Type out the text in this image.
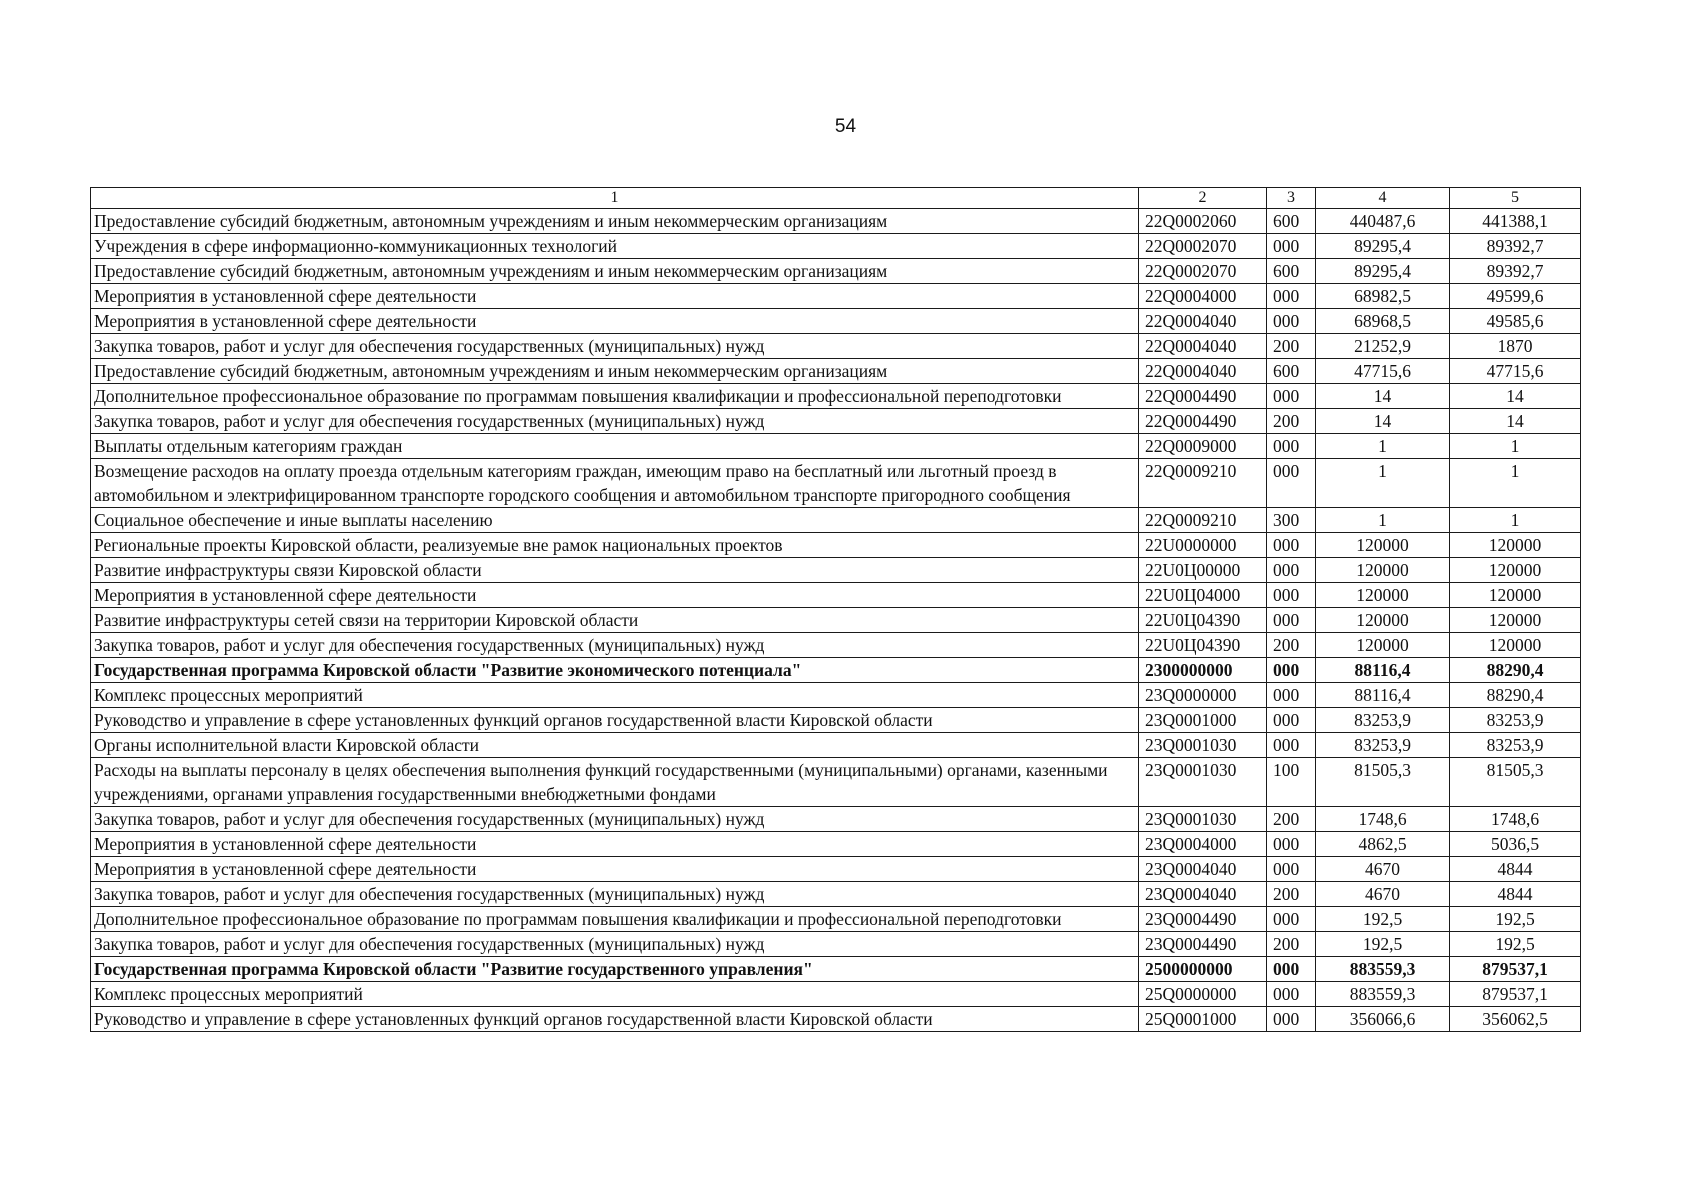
54
1	2	3	4	5
Предоставление субсидий бюджетным, автономным учреждениям и иным некоммерческим организациям	22Q0002060	600	440487,6	441388,1
Учреждения в сфере информационно-коммуникационных технологий	22Q0002070	000	89295,4	89392,7
Предоставление субсидий бюджетным, автономным учреждениям и иным некоммерческим организациям	22Q0002070	600	89295,4	89392,7
Мероприятия в установленной сфере деятельности	22Q0004000	000	68982,5	49599,6
Мероприятия в установленной сфере деятельности	22Q0004040	000	68968,5	49585,6
Закупка товаров, работ и услуг для обеспечения государственных (муниципальных) нужд	22Q0004040	200	21252,9	1870
Предоставление субсидий бюджетным, автономным учреждениям и иным некоммерческим организациям	22Q0004040	600	47715,6	47715,6
Дополнительное профессиональное образование по программам повышения квалификации и профессиональной переподготовки	22Q0004490	000	14	14
Закупка товаров, работ и услуг для обеспечения государственных (муниципальных) нужд	22Q0004490	200	14	14
Выплаты отдельным категориям граждан	22Q0009000	000	1	1
Возмещение расходов на оплату проезда отдельным категориям граждан, имеющим право на бесплатный или льготный проезд в автомобильном и электрифицированном транспорте городского сообщения и автомобильном транспорте пригородного сообщения	22Q0009210	000	1	1
Социальное обеспечение и иные выплаты населению	22Q0009210	300	1	1
Региональные проекты Кировской области, реализуемые вне рамок национальных проектов	22U0000000	000	120000	120000
Развитие инфраструктуры связи Кировской области	22U0Ц00000	000	120000	120000
Мероприятия в установленной сфере деятельности	22U0Ц04000	000	120000	120000
Развитие инфраструктуры сетей связи на территории Кировской области	22U0Ц04390	000	120000	120000
Закупка товаров, работ и услуг для обеспечения государственных (муниципальных) нужд	22U0Ц04390	200	120000	120000
Государственная программа Кировской области "Развитие экономического потенциала"	2300000000	000	88116,4	88290,4
Комплекс процессных мероприятий	23Q0000000	000	88116,4	88290,4
Руководство и управление в сфере установленных функций органов государственной власти Кировской области	23Q0001000	000	83253,9	83253,9
Органы исполнительной власти Кировской области	23Q0001030	000	83253,9	83253,9
Расходы на выплаты персоналу в целях обеспечения выполнения функций государственными (муниципальными) органами, казенными учреждениями, органами управления государственными внебюджетными фондами	23Q0001030	100	81505,3	81505,3
Закупка товаров, работ и услуг для обеспечения государственных (муниципальных) нужд	23Q0001030	200	1748,6	1748,6
Мероприятия в установленной сфере деятельности	23Q0004000	000	4862,5	5036,5
Мероприятия в установленной сфере деятельности	23Q0004040	000	4670	4844
Закупка товаров, работ и услуг для обеспечения государственных (муниципальных) нужд	23Q0004040	200	4670	4844
Дополнительное профессиональное образование по программам повышения квалификации и профессиональной переподготовки	23Q0004490	000	192,5	192,5
Закупка товаров, работ и услуг для обеспечения государственных (муниципальных) нужд	23Q0004490	200	192,5	192,5
Государственная программа Кировской области "Развитие государственного управления"	2500000000	000	883559,3	879537,1
Комплекс процессных мероприятий	25Q0000000	000	883559,3	879537,1
Руководство и управление в сфере установленных функций органов государственной власти Кировской области	25Q0001000	000	356066,6	356062,5
